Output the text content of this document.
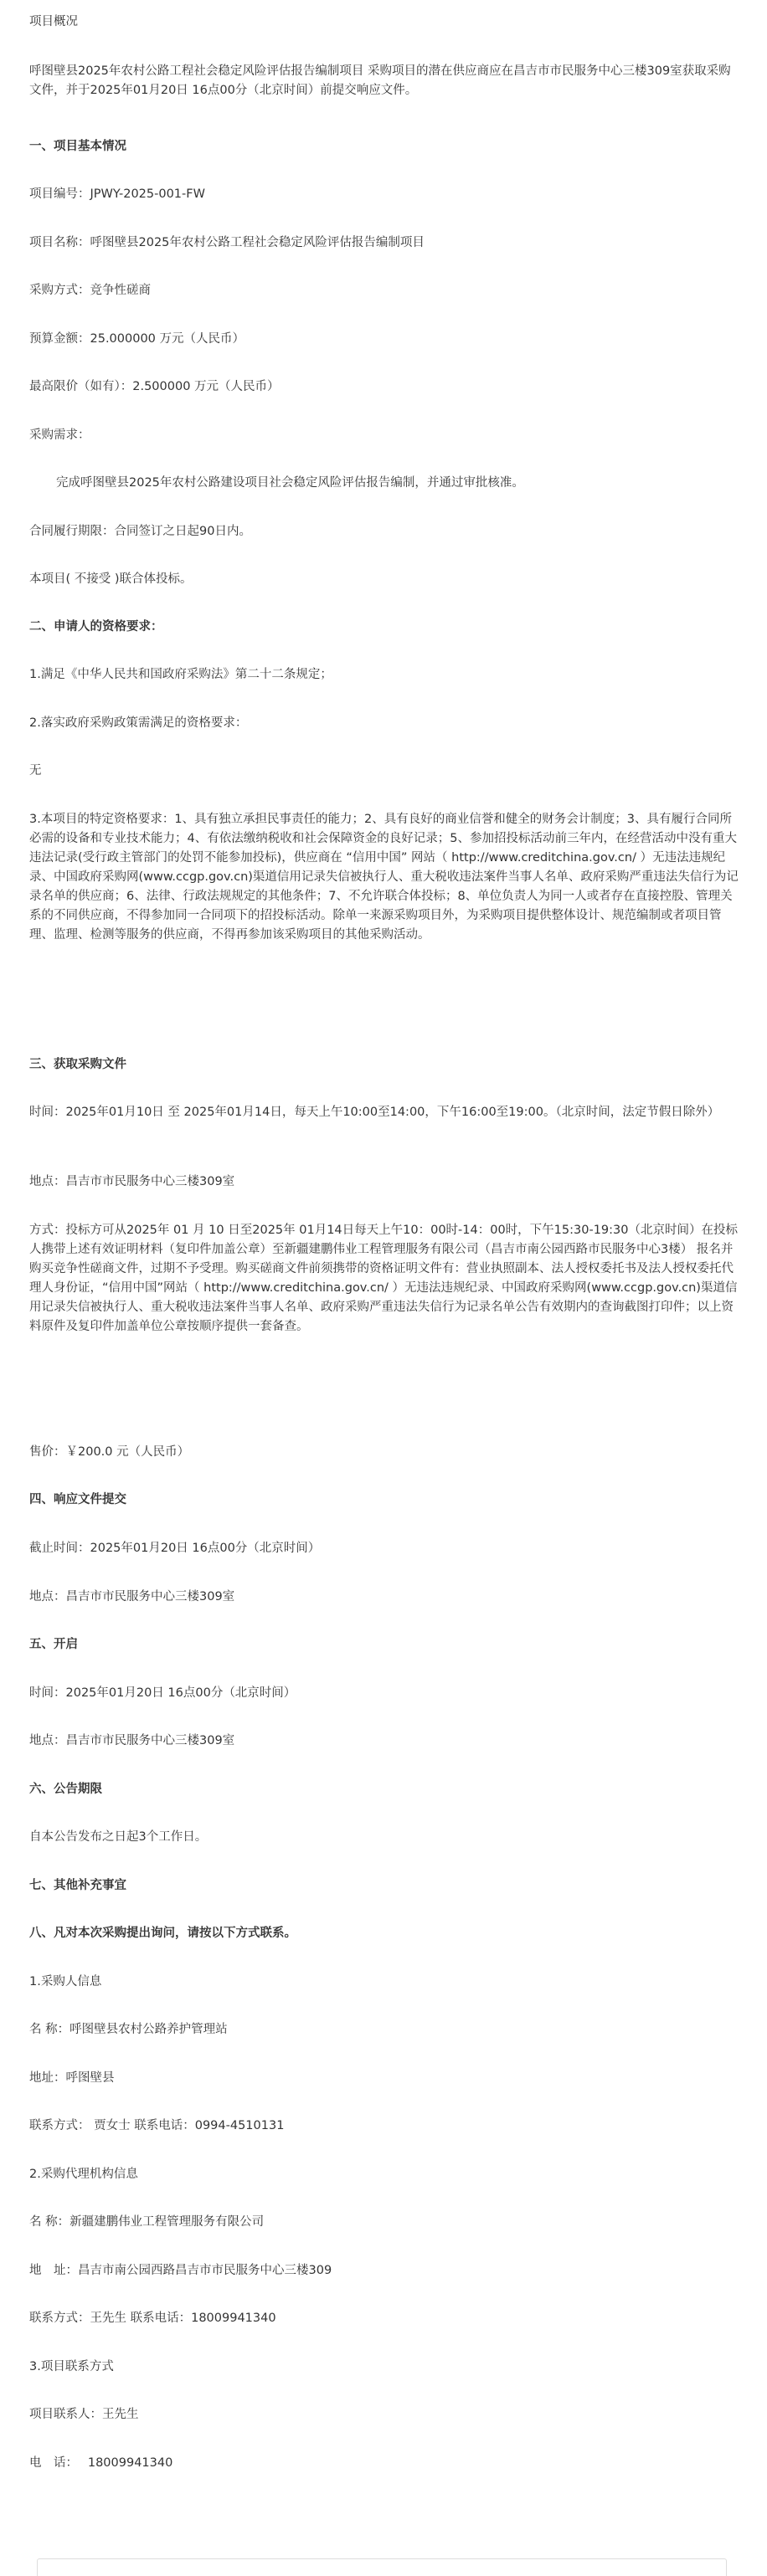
项目概况

呼图壁县2025年农村公路工程社会稳定风险评估报告编制项目 采购项目的潜在供应商应在昌吉市市民服务中心三楼309室获取采购文件，并于2025年01月20日 16点00分（北京时间）前提交响应文件。

一、项目基本情况

项目编号：JPWY-2025-001-FW

项目名称：呼图壁县2025年农村公路工程社会稳定风险评估报告编制项目

采购方式：竞争性磋商

预算金额：25.000000 万元（人民币）

最高限价（如有）：2.500000 万元（人民币）

采购需求：

完成呼图壁县2025年农村公路建设项目社会稳定风险评估报告编制，并通过审批核准。

合同履行期限：合同签订之日起90日内。

本项目( 不接受 )联合体投标。

二、申请人的资格要求：

1.满足《中华人民共和国政府采购法》第二十二条规定；

2.落实政府采购政策需满足的资格要求：

无

3.本项目的特定资格要求：1、具有独立承担民事责任的能力；2、具有良好的商业信誉和健全的财务会计制度；3、具有履行合同所必需的设备和专业技术能力；4、有依法缴纳税收和社会保障资金的良好记录；5、参加招投标活动前三年内，在经营活动中没有重大违法记录(受行政主管部门的处罚不能参加投标)，供应商在 “信用中国” 网站（ http://www.creditchina.gov.cn/ ）无违法违规纪录、中国政府采购网(www.ccgp.gov.cn)渠道信用记录失信被执行人、重大税收违法案件当事人名单、政府采购严重违法失信行为记录名单的供应商；6、法律、行政法规规定的其他条件；7、不允许联合体投标；8、单位负责人为同一人或者存在直接控股、管理关系的不同供应商，不得参加同一合同项下的招投标活动。除单一来源采购项目外，为采购项目提供整体设计、规范编制或者项目管理、监理、检测等服务的供应商，不得再参加该采购项目的其他采购活动。

三、获取采购文件

时间：2025年01月10日 至 2025年01月14日，每天上午10:00至14:00，下午16:00至19:00。（北京时间，法定节假日除外）

地点：昌吉市市民服务中心三楼309室

方式：投标方可从2025年 01 月 10 日至2025年 01月14日每天上午10：00时-14：00时，下午15:30-19:30（北京时间）在投标人携带上述有效证明材料（复印件加盖公章）至新疆建鹏伟业工程管理服务有限公司（昌吉市南公园西路市民服务中心3楼） 报名并购买竞争性磋商文件，过期不予受理。购买磋商文件前须携带的资格证明文件有：营业执照副本、法人授权委托书及法人授权委托代理人身份证，“信用中国”网站（ http://www.creditchina.gov.cn/ ）无违法违规纪录、中国政府采购网(www.ccgp.gov.cn)渠道信用记录失信被执行人、重大税收违法案件当事人名单、政府采购严重违法失信行为记录名单公告有效期内的查询截图打印件；以上资料原件及复印件加盖单位公章按顺序提供一套备查。

售价：￥200.0 元（人民币）

四、响应文件提交

截止时间：2025年01月20日 16点00分（北京时间）

地点：昌吉市市民服务中心三楼309室

五、开启

时间：2025年01月20日 16点00分（北京时间）

地点：昌吉市市民服务中心三楼309室

六、公告期限

自本公告发布之日起3个工作日。

七、其他补充事宜

八、凡对本次采购提出询问，请按以下方式联系。

1.采购人信息

名 称：呼图壁县农村公路养护管理站

地址：呼图壁县

联系方式： 贾女士 联系电话：0994-4510131

2.采购代理机构信息

名 称：新疆建鹏伟业工程管理服务有限公司

地　址：昌吉市南公园西路昌吉市市民服务中心三楼309

联系方式：王先生 联系电话：18009941340

3.项目联系方式

项目联系人：王先生

电　话：　 18009941340
